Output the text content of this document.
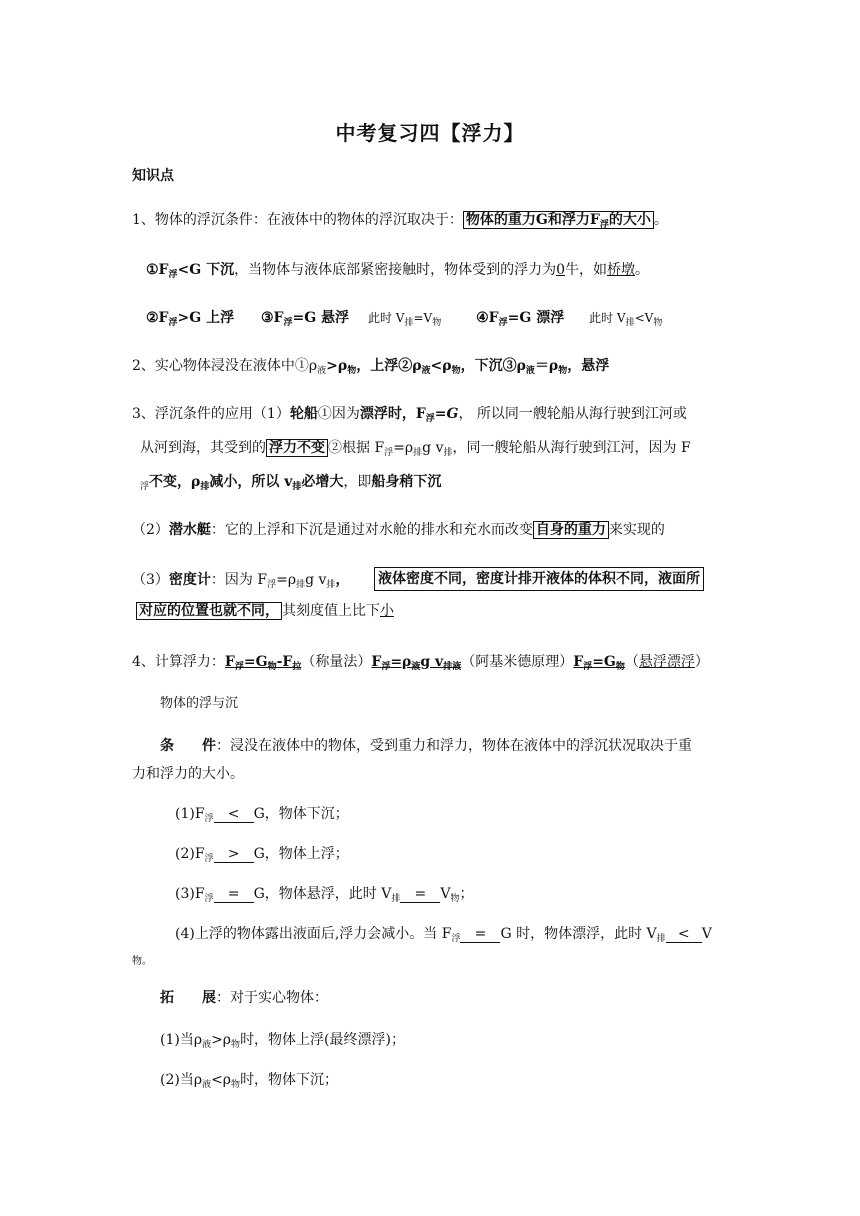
中考复习四【浮力】
知识点
1、物体的浮沉条件：在液体中的物体的浮沉取决于： 物体的重力G和浮力$F_浮$的大小 。
$①F_浮<G$ 下沉，当物体与液体底部紧密接触时，物体受到的浮力为0牛，如桥墩。
$②F_浮>G$ 上浮 $③F_浮=G$ 悬浮 此时 $V_排=V_物$ $④F_浮=G$ 漂浮 此时 $V_排<V_物$
2、实心物体浸没在液体中$①\rho_液>\rho_物$，上浮$②\rho_液<\rho_物$，下沉$③\rho_液=\rho_物$，悬浮
3、浮沉条件的应用（1）轮船①因为漂浮时，$F_浮=G$， 所以同一艘轮船从海行驶到江河或
从河到海，其受到的 浮力不变 ②根据 $F_浮=\rho_排g$ $v_排$，同一艘轮船从海行驶到江河，因为 F
$_浮$不变，$\rho_排$减小，所以 $v_排$必增大，即船身稍下沉
（2）潜水艇：它的上浮和下沉是通过对水舱的排水和充水而改变 自身的重力 来实现的
（3）密度计：因为 $F_浮=\rho_排g$ $v_排$， 液体密度不同，密度计排开液体的体积不同，液面所
对应的位置也就不同， 其刻度值上比下小
4、计算浮力：$F_浮=G_物-F_拉$（称量法）$F_浮=\rho_液g$ $v_{排液}$（阿基米德原理）$F_浮=G_物$（悬浮漂浮）
物体的浮与沉
条　　件：浸没在液体中的物体，受到重力和浮力，物体在液体中的浮沉状况取决于重
力和浮力的大小。
$(1)F_浮 < G$，物体下沉；
$(2)F_浮 > G$，物体上浮；
$(3)F_浮 = G$，物体悬浮，此时 $V_排 = V_物$；
(4)上浮的物体露出液面后,浮力会减小。当 $F_浮 = G$ 时，物体漂浮，此时 $V_排 < V$
物。
拓　　展：对于实心物体：
(1)当$\rho_液>\rho_物$时，物体上浮(最终漂浮)；
(2)当$\rho_液<\rho_物$时，物体下沉；
